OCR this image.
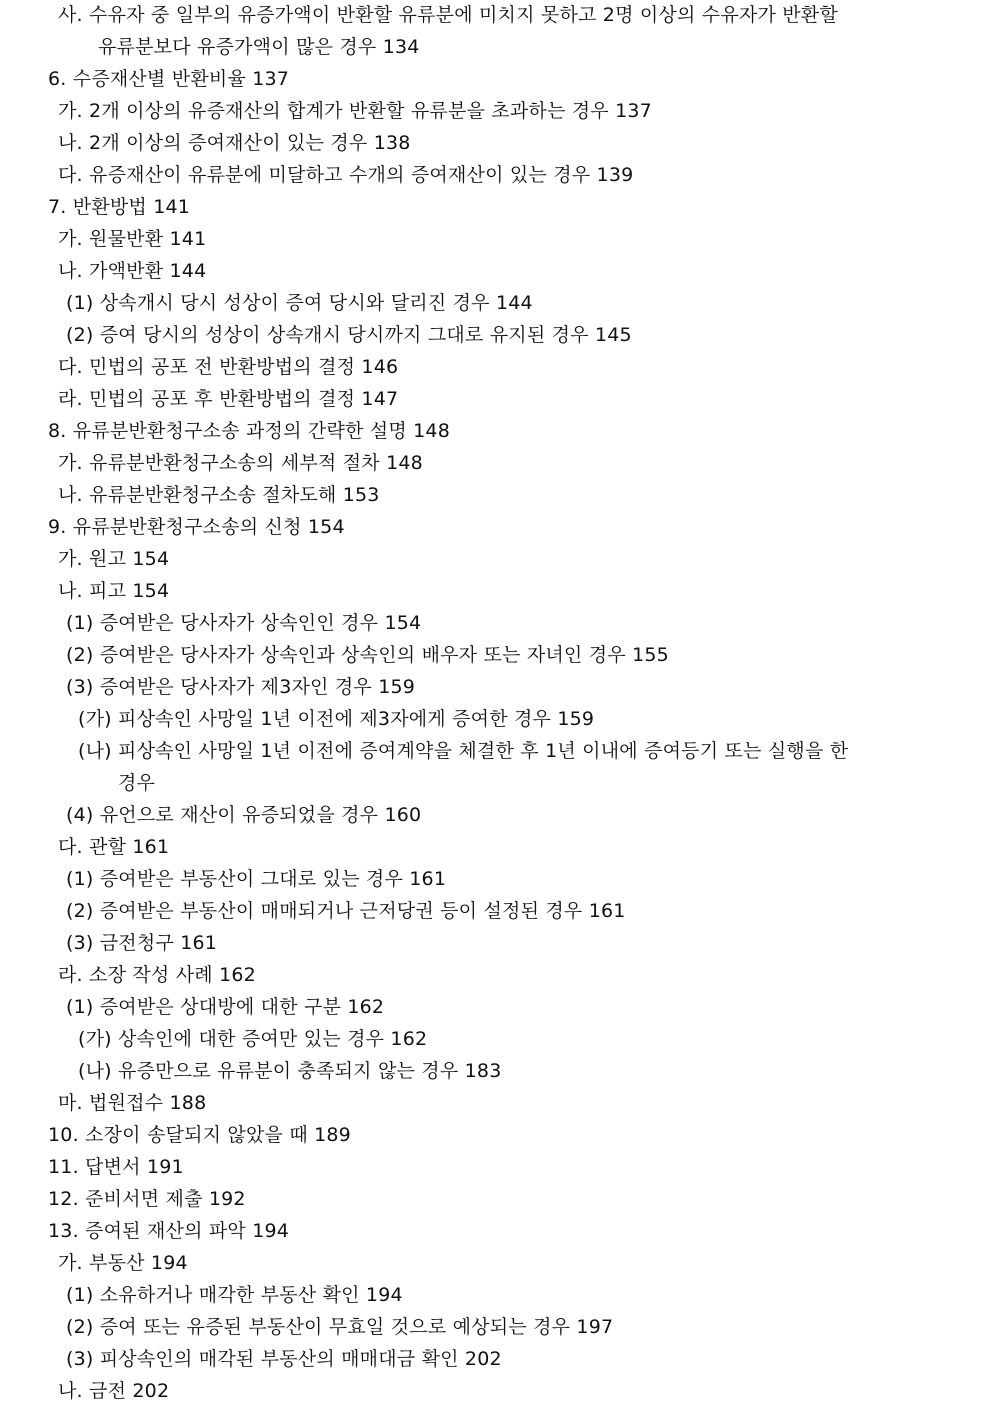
사. 수유자 중 일부의 유증가액이 반환할 유류분에 미치지 못하고 2명 이상의 수유자가 반환할
유류분보다 유증가액이 많은 경우 134
6. 수증재산별 반환비율 137
가. 2개 이상의 유증재산의 합계가 반환할 유류분을 초과하는 경우 137
나. 2개 이상의 증여재산이 있는 경우 138
다. 유증재산이 유류분에 미달하고 수개의 증여재산이 있는 경우 139
7. 반환방법 141
가. 원물반환 141
나. 가액반환 144
(1) 상속개시 당시 성상이 증여 당시와 달리진 경우 144
(2) 증여 당시의 성상이 상속개시 당시까지 그대로 유지된 경우 145
다. 민법의 공포 전 반환방법의 결정 146
라. 민법의 공포 후 반환방법의 결정 147
8. 유류분반환청구소송 과정의 간략한 설명 148
가. 유류분반환청구소송의 세부적 절차 148
나. 유류분반환청구소송 절차도해 153
9. 유류분반환청구소송의 신청 154
가. 원고 154
나. 피고 154
(1) 증여받은 당사자가 상속인인 경우 154
(2) 증여받은 당사자가 상속인과 상속인의 배우자 또는 자녀인 경우 155
(3) 증여받은 당사자가 제3자인 경우 159
(가) 피상속인 사망일 1년 이전에 제3자에게 증여한 경우 159
(나) 피상속인 사망일 1년 이전에 증여계약을 체결한 후 1년 이내에 증여등기 또는 실행을 한
경우
(4) 유언으로 재산이 유증되었을 경우 160
다. 관할 161
(1) 증여받은 부동산이 그대로 있는 경우 161
(2) 증여받은 부동산이 매매되거나 근저당권 등이 설정된 경우 161
(3) 금전청구 161
라. 소장 작성 사례 162
(1) 증여받은 상대방에 대한 구분 162
(가) 상속인에 대한 증여만 있는 경우 162
(나) 유증만으로 유류분이 충족되지 않는 경우 183
마. 법원접수 188
10. 소장이 송달되지 않았을 때 189
11. 답변서 191
12. 준비서면 제출 192
13. 증여된 재산의 파악 194
가. 부동산 194
(1) 소유하거나 매각한 부동산 확인 194
(2) 증여 또는 유증된 부동산이 무효일 것으로 예상되는 경우 197
(3) 피상속인의 매각된 부동산의 매매대금 확인 202
나. 금전 202
